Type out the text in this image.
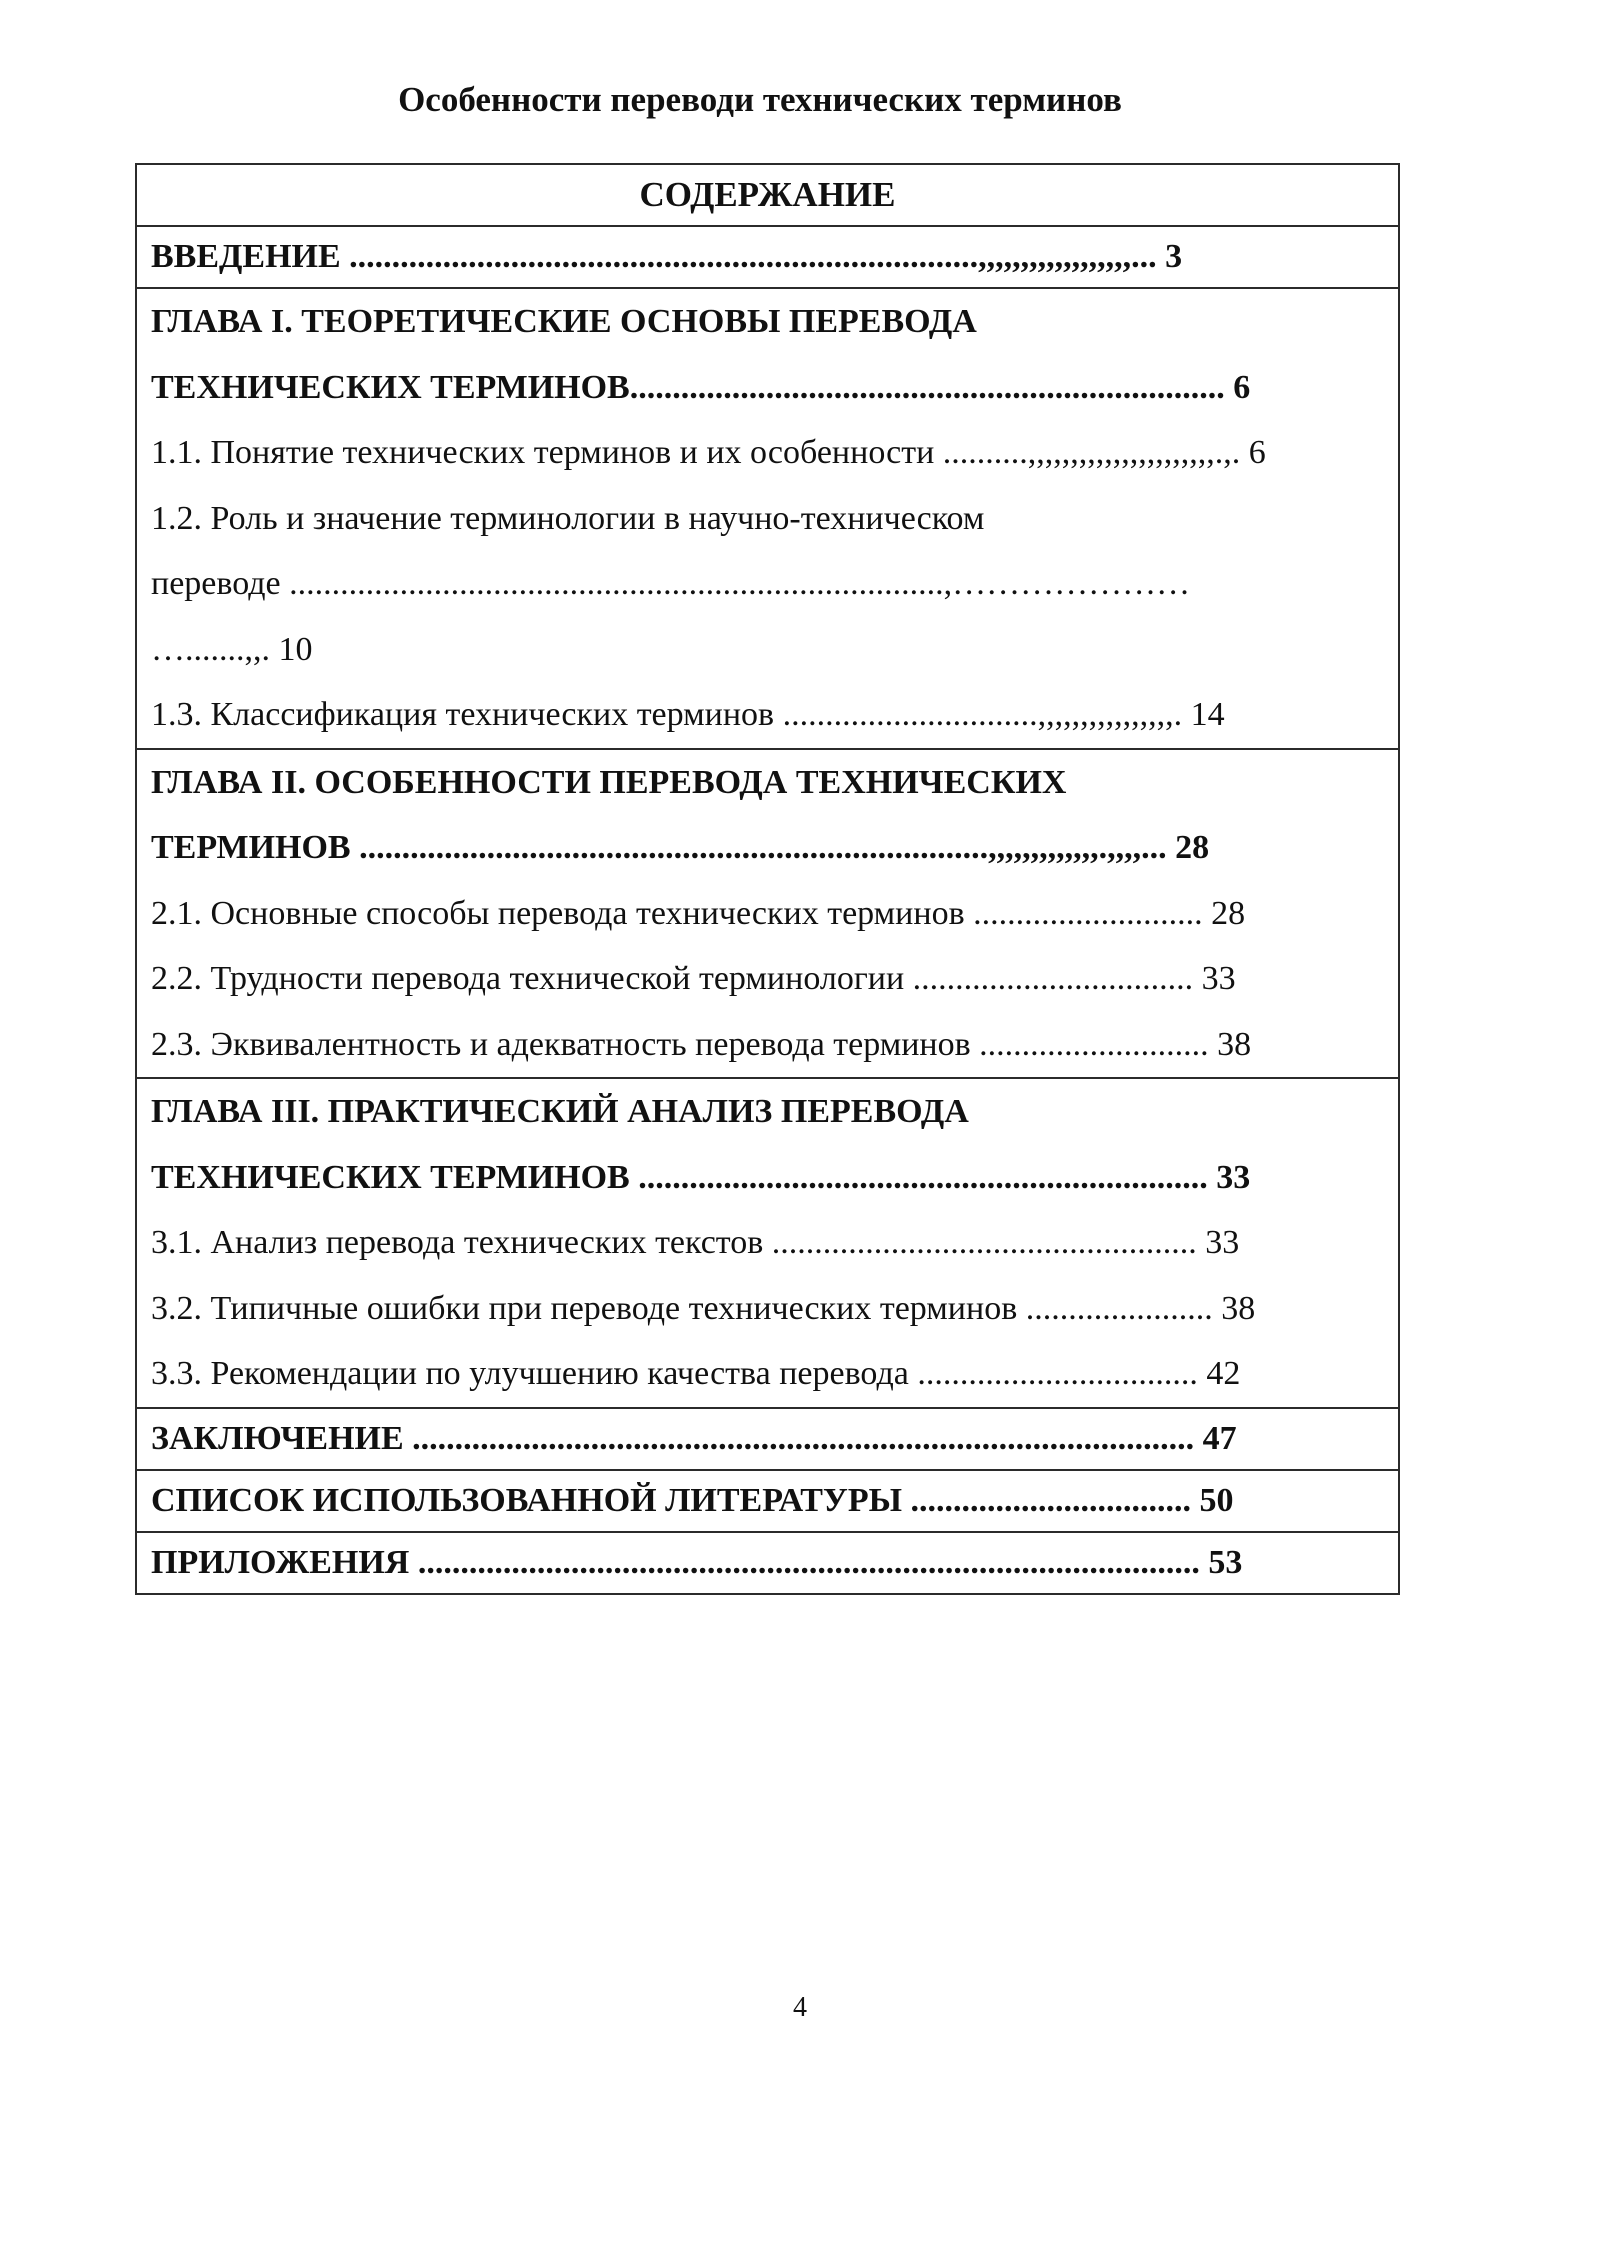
Особенности переводи технических терминов
СОДЕРЖАНИЕ

ВВЕДЕНИЕ ..........................................................................,,,,,,,,,,,,,,,,,,... 3

ГЛАВА I. ТЕОРЕТИЧЕСКИЕ ОСНОВЫ ПЕРЕВОДА
ТЕХНИЧЕСКИХ ТЕРМИНОВ...................................................................... 6
1.1. Понятие технических терминов и их особенности ..........,,,,,,,,,,,,,,,,,,,,,,.,. 6
1.2. Роль и значение терминологии в научно-техническом
переводе .............................................................................,…………………
….......,,. 10
1.3. Классификация технических терминов ..............................,,,,,,,,,,,,,,,,. 14

ГЛАВА II. ОСОБЕННОСТИ ПЕРЕВОДА ТЕХНИЧЕСКИХ
ТЕРМИНОВ ..........................................................................,,,,,,,,,,,,,.,,,,... 28
2.1. Основные способы перевода технических терминов ........................... 28
2.2. Трудности перевода технической терминологии ................................. 33
2.3. Эквивалентность и адекватность перевода терминов ........................... 38

ГЛАВА III. ПРАКТИЧЕСКИЙ АНАЛИЗ ПЕРЕВОДА
ТЕХНИЧЕСКИХ ТЕРМИНОВ ................................................................... 33
3.1. Анализ перевода технических текстов .................................................. 33
3.2. Типичные ошибки при переводе технических терминов ...................... 38
3.3. Рекомендации по улучшению качества перевода ................................. 42

ЗАКЛЮЧЕНИЕ ............................................................................................ 47

СПИСОК ИСПОЛЬЗОВАННОЙ ЛИТЕРАТУРЫ ................................. 50

ПРИЛОЖЕНИЯ ............................................................................................ 53
4
